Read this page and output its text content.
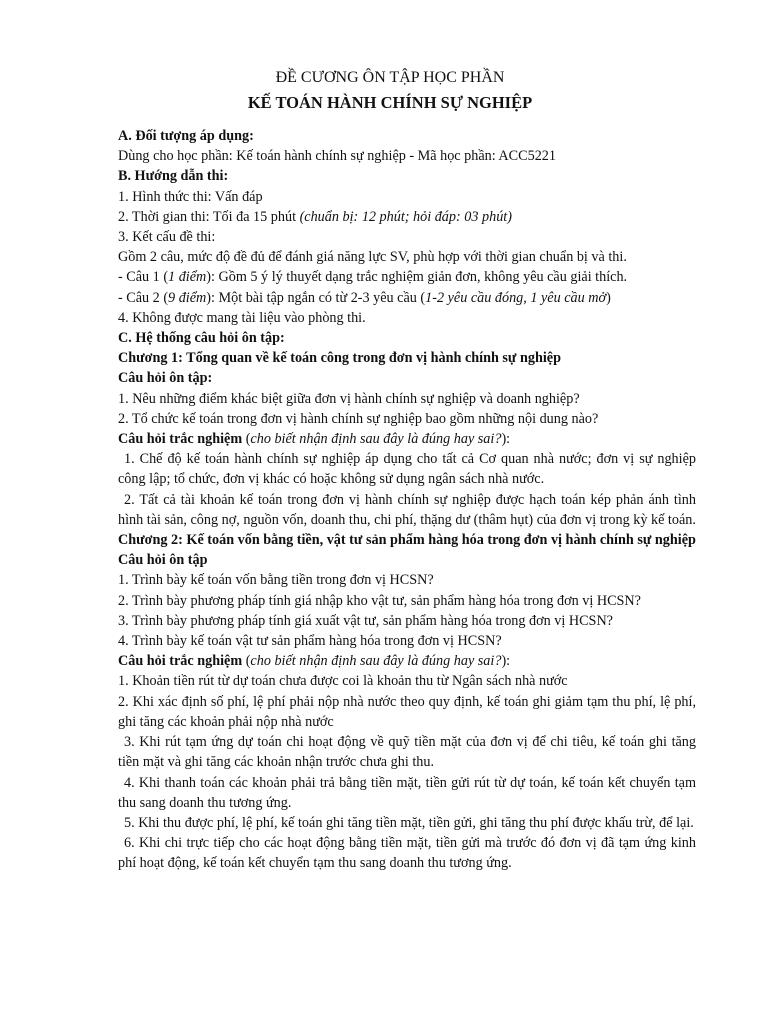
ĐỀ CƯƠNG ÔN TẬP HỌC PHẦN
KẾ TOÁN HÀNH CHÍNH SỰ NGHIỆP

A. Đối tượng áp dụng:

Dùng cho học phần: Kế toán hành chính sự nghiệp - Mã học phần: ACC5221

B. Hướng dẫn thi:

1. Hình thức thi: Vấn đáp

2. Thời gian thi: Tối đa 15 phút (chuẩn bị: 12 phút; hỏi đáp: 03 phút)

3. Kết cấu đề thi:

Gồm 2 câu, mức độ đề đủ để đánh giá năng lực SV, phù hợp với thời gian chuẩn bị và thi.

- Câu 1 (1 điểm): Gồm 5 ý lý thuyết dạng trắc nghiệm giản đơn, không yêu cầu giải thích.

- Câu 2 (9 điểm): Một bài tập ngắn có từ 2-3 yêu cầu (1-2 yêu cầu đóng, 1 yêu cầu mở)

4. Không được mang tài liệu vào phòng thi.

C. Hệ thống câu hỏi ôn tập:

Chương 1: Tổng quan về kế toán công trong đơn vị hành chính sự nghiệp

Câu hỏi ôn tập:

1. Nêu những điểm khác biệt giữa đơn vị hành chính sự nghiệp và doanh nghiệp?

2. Tổ chức kế toán trong đơn vị hành chính sự nghiệp bao gồm những nội dung nào?

Câu hỏi trắc nghiệm (cho biết nhận định sau đây là đúng hay sai?):

1. Chế độ kế toán hành chính sự nghiệp áp dụng cho tất cả Cơ quan nhà nước; đơn vị sự nghiệp công lập; tổ chức, đơn vị khác có hoặc không sử dụng ngân sách nhà nước.

2. Tất cả tài khoản kế toán trong đơn vị hành chính sự nghiệp được hạch toán kép phản ánh tình hình tài sản, công nợ, nguồn vốn, doanh thu, chi phí, thặng dư (thâm hụt) của đơn vị trong kỳ kế toán.

Chương 2: Kế toán vốn bằng tiền, vật tư sản phẩm hàng hóa trong đơn vị hành chính sự nghiệp

Câu hỏi ôn tập

1. Trình bày kế toán vốn bằng tiền trong đơn vị HCSN?

2. Trình bày phương pháp tính giá nhập kho vật tư, sản phẩm hàng hóa trong đơn vị HCSN?

3. Trình bày phương pháp tính giá xuất vật tư, sản phẩm hàng hóa trong đơn vị HCSN?

4. Trình bày kế toán vật tư sản phẩm hàng hóa trong đơn vị HCSN?

Câu hỏi trắc nghiệm (cho biết nhận định sau đây là đúng hay sai?):

1. Khoản tiền rút từ dự toán chưa được coi là khoản thu từ Ngân sách nhà nước

2. Khi xác định số phí, lệ phí phải nộp nhà nước theo quy định, kế toán ghi giảm tạm thu phí, lệ phí, ghi tăng các khoản phải nộp nhà nước

3. Khi rút tạm ứng dự toán chi hoạt động về quỹ tiền mặt của đơn vị để chi tiêu, kế toán ghi tăng tiền mặt và ghi tăng các khoản nhận trước chưa ghi thu.

4. Khi thanh toán các khoản phải trả bằng tiền mặt, tiền gửi rút từ dự toán, kế toán kết chuyển tạm thu sang doanh thu tương ứng.

5. Khi thu được phí, lệ phí, kế toán ghi tăng tiền mặt, tiền gửi, ghi tăng thu phí được khấu trừ, để lại.

6. Khi chi trực tiếp cho các hoạt động bằng tiền mặt, tiền gửi mà trước đó đơn vị đã tạm ứng kinh phí hoạt động, kế toán kết chuyển tạm thu sang doanh thu tương ứng.
